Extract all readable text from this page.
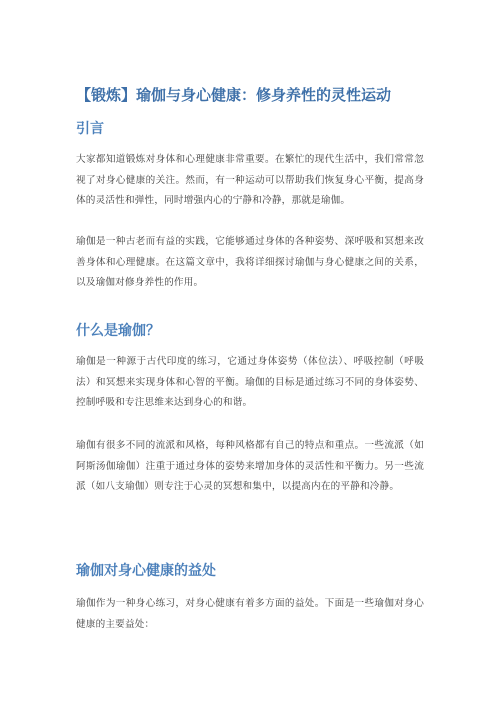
【锻炼】瑜伽与身心健康：修身养性的灵性运动
引言
大家都知道锻炼对身体和心理健康非常重要。在繁忙的现代生活中，我们常常忽视了对身心健康的关注。然而，有一种运动可以帮助我们恢复身心平衡，提高身体的灵活性和弹性，同时增强内心的宁静和冷静，那就是瑜伽。
瑜伽是一种古老而有益的实践，它能够通过身体的各种姿势、深呼吸和冥想来改善身体和心理健康。在这篇文章中，我将详细探讨瑜伽与身心健康之间的关系，以及瑜伽对修身养性的作用。
什么是瑜伽？
瑜伽是一种源于古代印度的练习，它通过身体姿势（体位法）、呼吸控制（呼吸法）和冥想来实现身体和心智的平衡。瑜伽的目标是通过练习不同的身体姿势、控制呼吸和专注思维来达到身心的和谐。
瑜伽有很多不同的流派和风格，每种风格都有自己的特点和重点。一些流派（如阿斯汤伽瑜伽）注重于通过身体的姿势来增加身体的灵活性和平衡力。另一些流派（如八支瑜伽）则专注于心灵的冥想和集中，以提高内在的平静和冷静。
瑜伽对身心健康的益处
瑜伽作为一种身心练习，对身心健康有着多方面的益处。下面是一些瑜伽对身心健康的主要益处：
